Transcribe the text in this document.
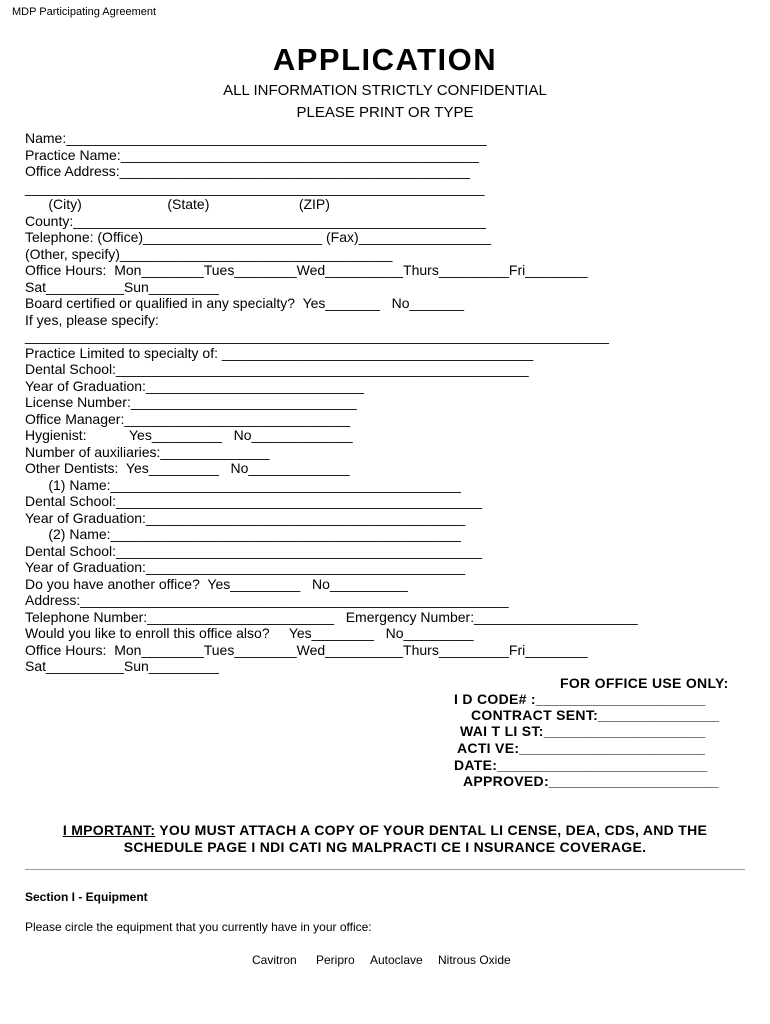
MDP Participating Agreement
APPLICATION
ALL INFORMATION STRICTLY CONFIDENTIAL
PLEASE PRINT OR TYPE
Name:______________________________________________________
Practice Name:______________________________________________
Office Address:_____________________________________________
___________________________________________________________
(City)                      (State)                       (ZIP)
County:_____________________________________________________
Telephone: (Office)_______________________ (Fax)_________________
(Other, specify)___________________________________
Office Hours:  Mon________Tues________Wed__________Thurs_________Fri________
Sat__________Sun_________
Board certified or qualified in any specialty?  Yes_______   No_______
If yes, please specify:
___________________________________________________________________________
Practice Limited to specialty of: ________________________________________
Dental School:_____________________________________________________
Year of Graduation:____________________________
License Number:_____________________________
Office Manager:_____________________________
Hygienist:           Yes_________   No_____________
Number of auxiliaries:______________
Other Dentists:  Yes_________   No_____________
(1) Name:_____________________________________________
Dental School:_______________________________________________
Year of Graduation:_________________________________________
(2) Name:_____________________________________________
Dental School:_______________________________________________
Year of Graduation:_________________________________________
Do you have another office?  Yes_________   No__________
Address:_______________________________________________________
Telephone Number:________________________   Emergency Number:_____________________
Would you like to enroll this office also?     Yes________   No_________
Office Hours:  Mon________Tues________Wed__________Thurs_________Fri________
Sat__________Sun_________
FOR OFFICE USE ONLY:
I D CODE# :_____________________
CONTRACT SENT:_______________
WAI T LI ST:____________________
ACTI VE:_______________________
DATE:__________________________
APPROVED:_____________________
I MPORTANT: YOU MUST ATTACH A COPY OF YOUR DENTAL LI CENSE, DEA, CDS, AND THE
SCHEDULE PAGE I NDI CATI NG MALPRACTI CE I NSURANCE COVERAGE.
Section I - Equipment
Please circle the equipment that you currently have in your office:
Cavitron Peripro Autoclave Nitrous Oxide
